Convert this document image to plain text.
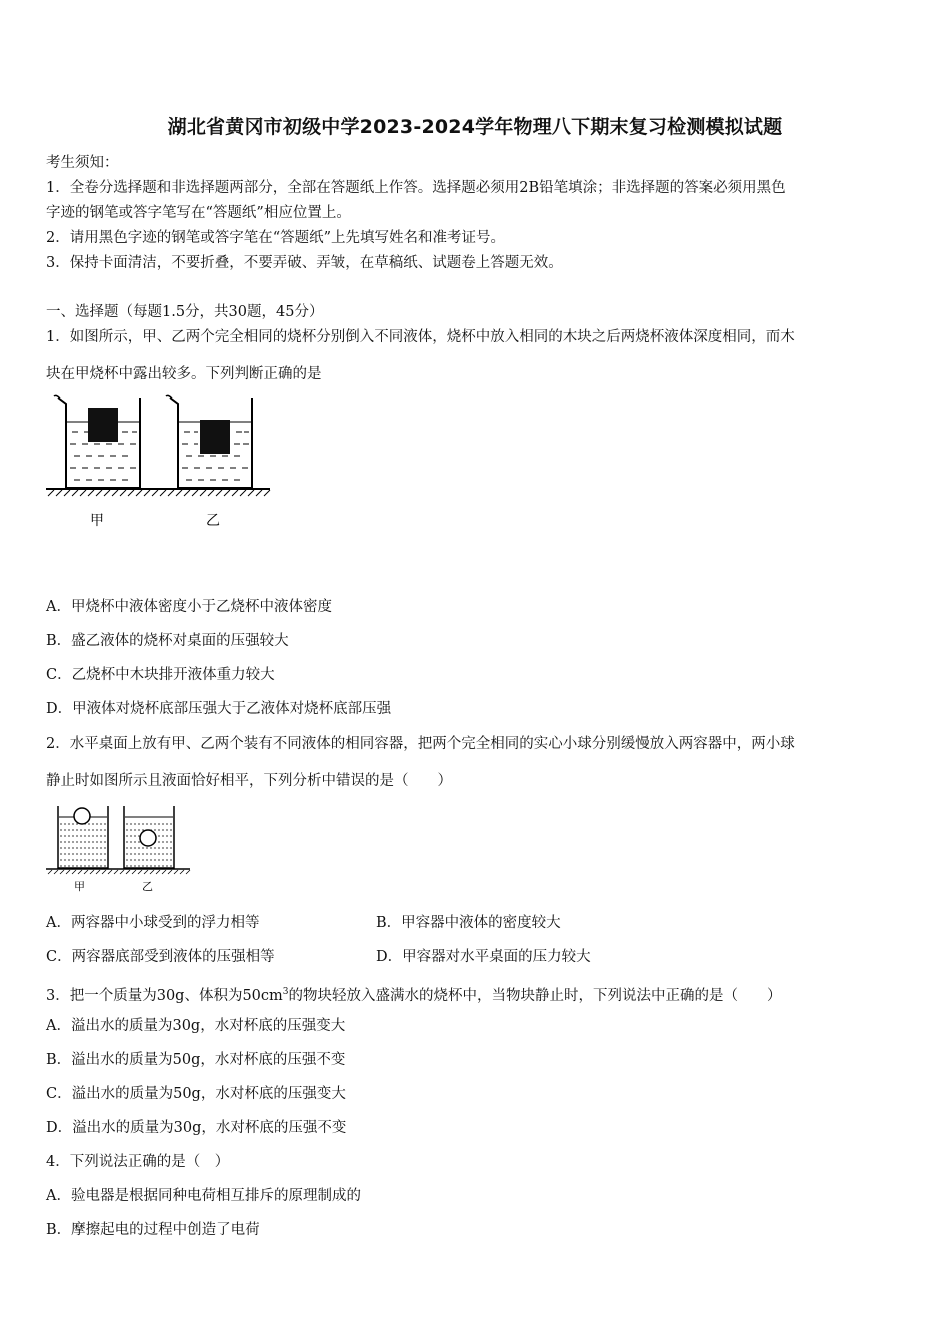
湖北省黄冈市初级中学2023-2024学年物理八下期末复习检测模拟试题
考生须知：
1．全卷分选择题和非选择题两部分，全部在答题纸上作答。选择题必须用2B铅笔填涂；非选择题的答案必须用黑色
字迹的钢笔或答字笔写在“答题纸”相应位置上。
2．请用黑色字迹的钢笔或答字笔在“答题纸”上先填写姓名和准考证号。
3．保持卡面清洁，不要折叠，不要弄破、弄皱，在草稿纸、试题卷上答题无效。
一、选择题（每题1.5分，共30题，45分）
1．如图所示，甲、乙两个完全相同的烧杯分别倒入不同液体，烧杯中放入相同的木块之后两烧杯液体深度相同，而木
块在甲烧杯中露出较多。下列判断正确的是
甲	乙
A．甲烧杯中液体密度小于乙烧杯中液体密度
B．盛乙液体的烧杯对桌面的压强较大
C．乙烧杯中木块排开液体重力较大
D．甲液体对烧杯底部压强大于乙液体对烧杯底部压强
2．水平桌面上放有甲、乙两个装有不同液体的相同容器，把两个完全相同的实心小球分别缓慢放入两容器中，两小球
静止时如图所示且液面恰好相平，下列分析中错误的是（　　）
甲	乙
A．两容器中小球受到的浮力相等	B．甲容器中液体的密度较大
C．两容器底部受到液体的压强相等	D．甲容器对水平桌面的压力较大
3．把一个质量为30g、体积为$50cm^3$的物块轻放入盛满水的烧杯中，当物块静止时，下列说法中正确的是（　　）
A．溢出水的质量为30g，水对杯底的压强变大
B．溢出水的质量为50g，水对杯底的压强不变
C．溢出水的质量为50g，水对杯底的压强变大
D．溢出水的质量为30g，水对杯底的压强不变
4．下列说法正确的是（　）
A．验电器是根据同种电荷相互排斥的原理制成的
B．摩擦起电的过程中创造了电荷
